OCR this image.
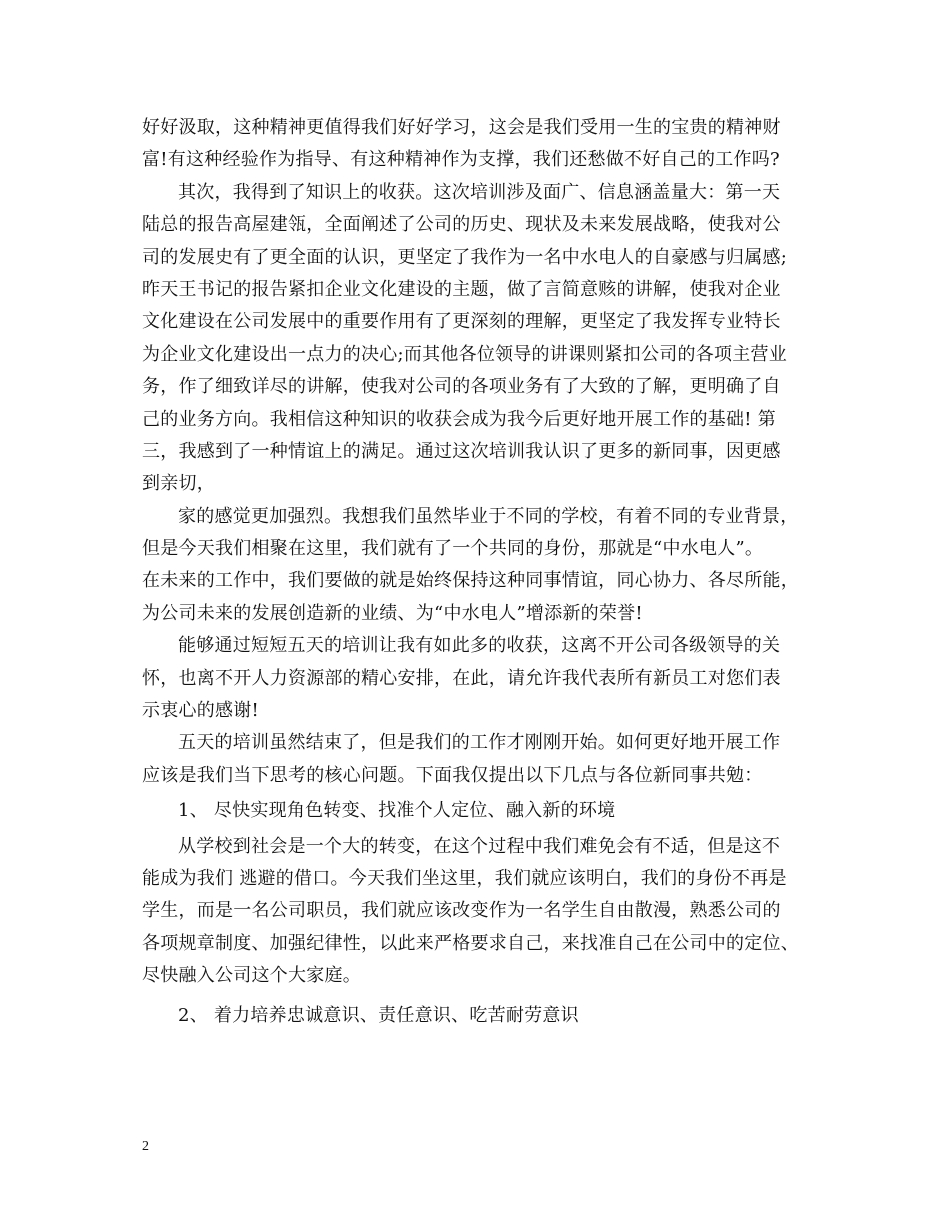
好好汲取，这种精神更值得我们好好学习，这会是我们受用一生的宝贵的精神财
富!有这种经验作为指导、有这种精神作为支撑，我们还愁做不好自己的工作吗?
其次，我得到了知识上的收获。这次培训涉及面广、信息涵盖量大：第一天
陆总的报告高屋建瓴，全面阐述了公司的历史、现状及未来发展战略，使我对公
司的发展史有了更全面的认识，更坚定了我作为一名中水电人的自豪感与归属感;
昨天王书记的报告紧扣企业文化建设的主题，做了言简意赅的讲解，使我对企业
文化建设在公司发展中的重要作用有了更深刻的理解，更坚定了我发挥专业特长
为企业文化建设出一点力的决心;而其他各位领导的讲课则紧扣公司的各项主营业
务，作了细致详尽的讲解，使我对公司的各项业务有了大致的了解，更明确了自
己的业务方向。我相信这种知识的收获会成为我今后更好地开展工作的基础! 第
三，我感到了一种情谊上的满足。通过这次培训我认识了更多的新同事，因更感
到亲切，
家的感觉更加强烈。我想我们虽然毕业于不同的学校，有着不同的专业背景，
但是今天我们相聚在这里，我们就有了一个共同的身份，那就是“中水电人”。
在未来的工作中，我们要做的就是始终保持这种同事情谊，同心协力、各尽所能，
为公司未来的发展创造新的业绩、为“中水电人”增添新的荣誉!
能够通过短短五天的培训让我有如此多的收获，这离不开公司各级领导的关
怀，也离不开人力资源部的精心安排，在此，请允许我代表所有新员工对您们表
示衷心的感谢!
五天的培训虽然结束了，但是我们的工作才刚刚开始。如何更好地开展工作
应该是我们当下思考的核心问题。下面我仅提出以下几点与各位新同事共勉：
1、 尽快实现角色转变、找准个人定位、融入新的环境
从学校到社会是一个大的转变，在这个过程中我们难免会有不适，但是这不
能成为我们 逃避的借口。今天我们坐这里，我们就应该明白，我们的身份不再是
学生，而是一名公司职员，我们就应该改变作为一名学生自由散漫，熟悉公司的
各项规章制度、加强纪律性，以此来严格要求自己，来找准自己在公司中的定位、
尽快融入公司这个大家庭。
2、 着力培养忠诚意识、责任意识、吃苦耐劳意识
2
